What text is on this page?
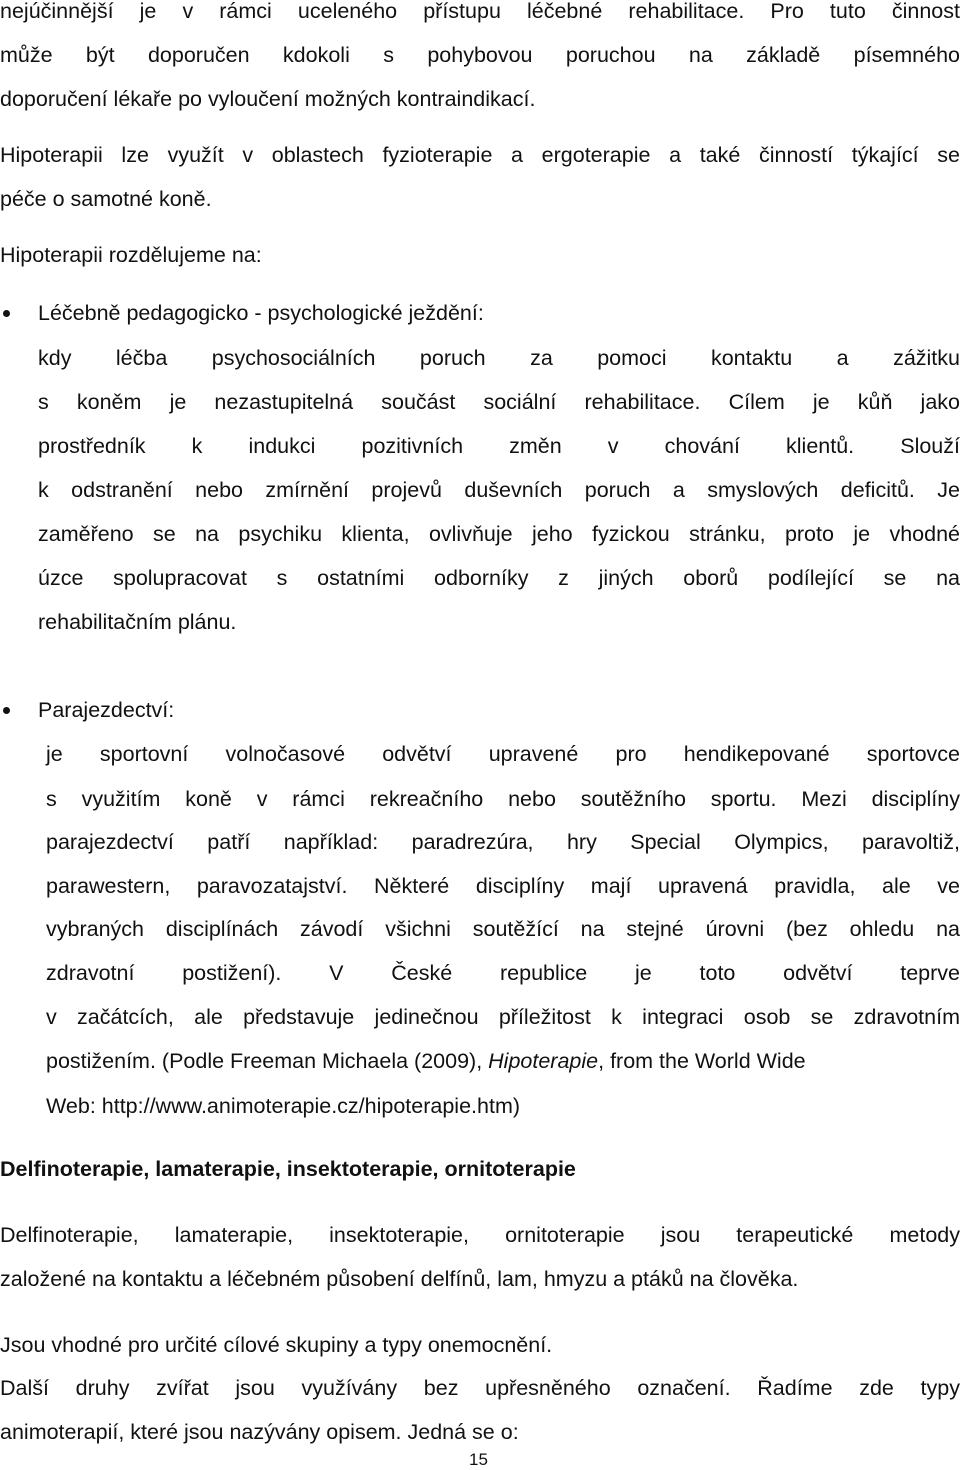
nejúčinnější je v rámci uceleného přístupu léčebné rehabilitace. Pro tuto činnost
může být doporučen kdokoli s pohybovou poruchou na základě písemného
doporučení lékaře po vyloučení možných kontraindikací.
Hipoterapii lze využít v oblastech fyzioterapie a ergoterapie a také činností týkající se
péče o samotné koně.
Hipoterapii rozdělujeme na:
Léčebně pedagogicko - psychologické ježdění:
kdy léčba psychosociálních poruch za pomoci kontaktu a zážitku
s koněm je nezastupitelná součást sociální rehabilitace. Cílem je kůň jako
prostředník k indukci pozitivních změn v chování klientů. Slouží
k odstranění nebo zmírnění projevů duševních poruch a smyslových deficitů. Je
zaměřeno se na psychiku klienta, ovlivňuje jeho fyzickou stránku, proto je vhodné
úzce spolupracovat s ostatními odborníky z jiných oborů podílející se na
rehabilitačním plánu.
Parajezdectví:
je sportovní volnočasové odvětví upravené pro hendikepované sportovce
s využitím koně v rámci rekreačního nebo soutěžního sportu. Mezi disciplíny
parajezdectví patří například: paradrezúra, hry Special Olympics, paravoltiž,
parawestern, paravozatajství. Některé disciplíny mají upravená pravidla, ale ve
vybraných disciplínách závodí všichni soutěžící na stejné úrovni (bez ohledu na
zdravotní postižení). V České republice je toto odvětví teprve
v začátcích, ale představuje jedinečnou příležitost k integraci osob se zdravotním
postižením. (Podle Freeman Michaela (2009), Hipoterapie, from the World Wide
Web: http://www.animoterapie.cz/hipoterapie.htm)
Delfinoterapie, lamaterapie, insektoterapie, ornitoterapie
Delfinoterapie, lamaterapie, insektoterapie, ornitoterapie jsou terapeutické metody
založené na kontaktu a léčebném působení delfínů, lam, hmyzu a ptáků na člověka.
Jsou vhodné pro určité cílové skupiny a typy onemocnění.
Další druhy zvířat jsou využívány bez upřesněného označení. Řadíme zde typy
animoterapií, které jsou nazývány opisem. Jedná se o:
15
